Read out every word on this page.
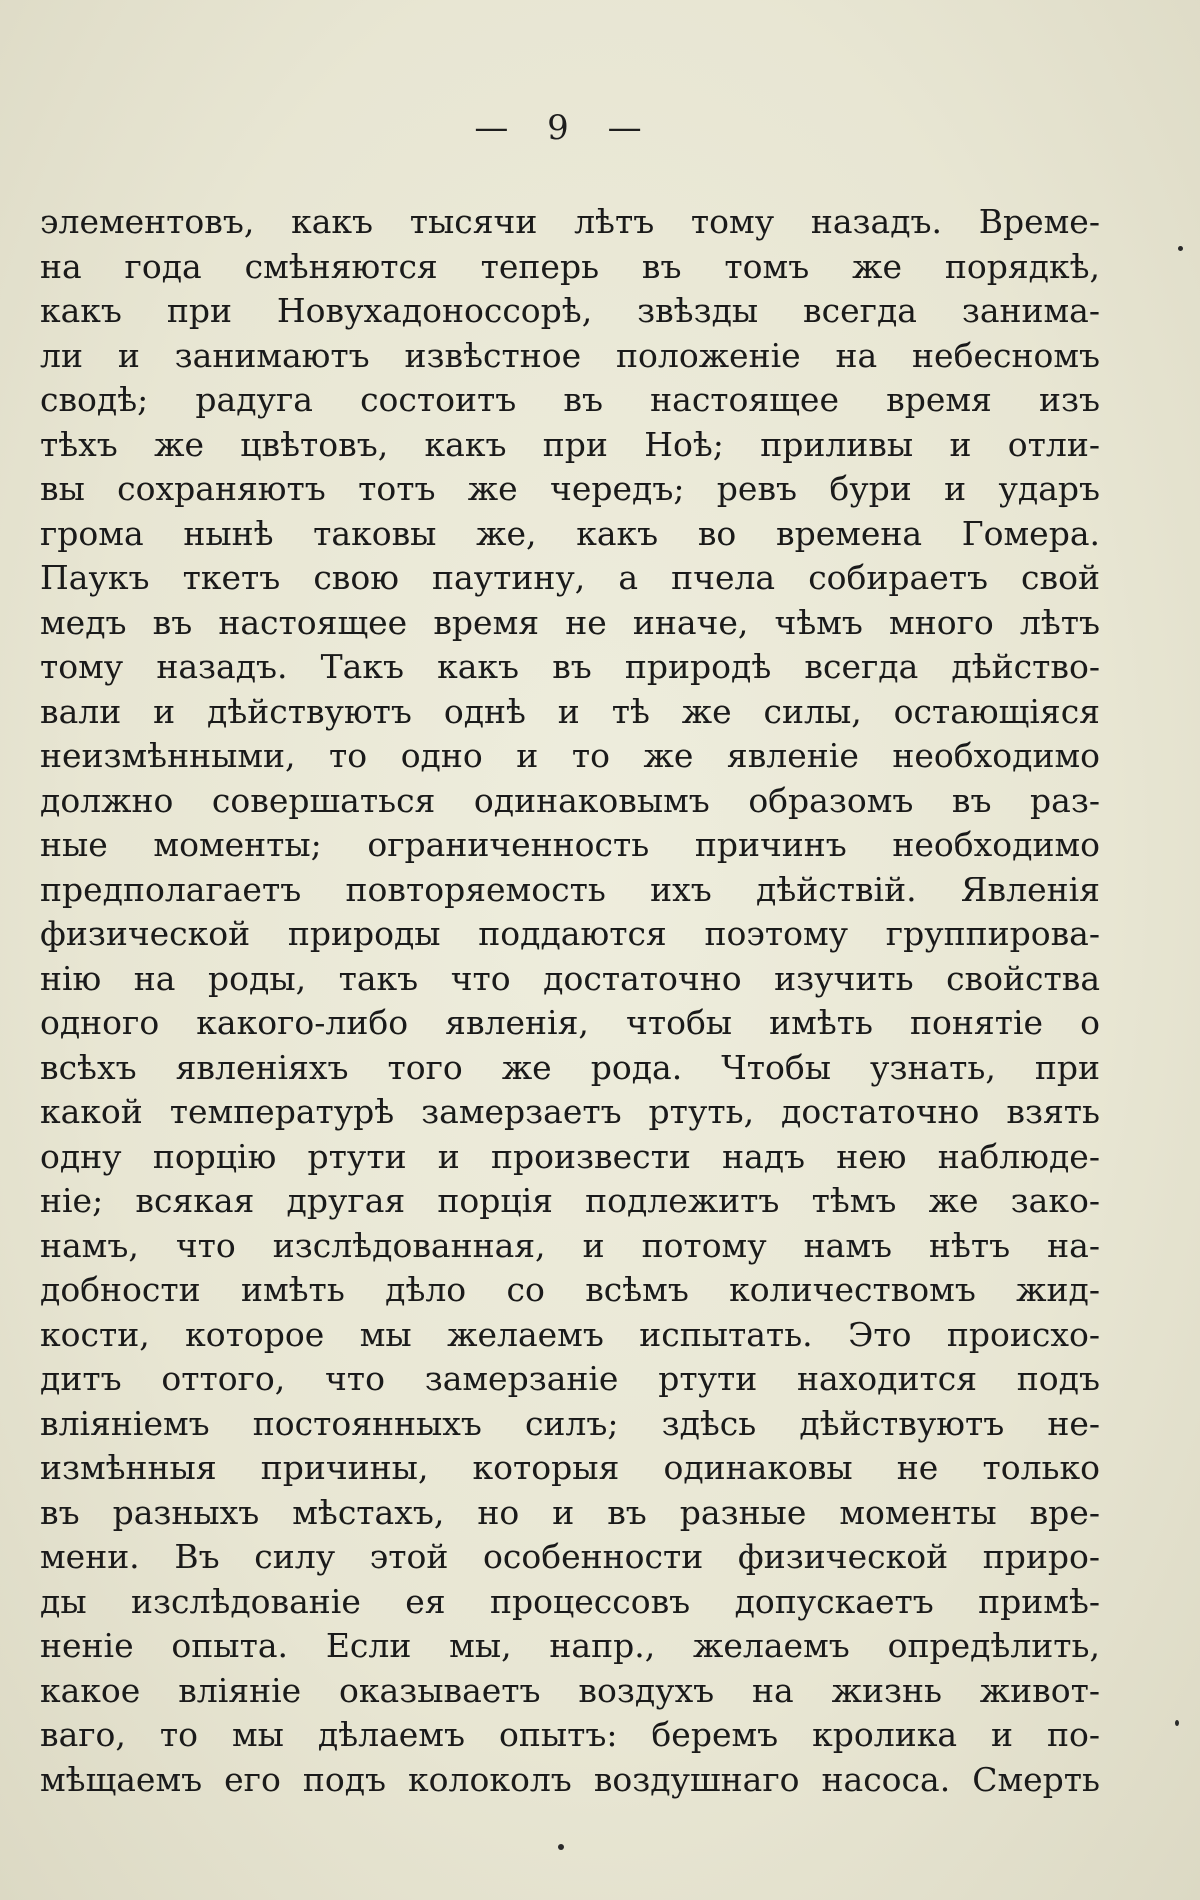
— 9 —
элементовъ, какъ тысячи лѣтъ тому назадъ. Време-
на года смѣняются теперь въ томъ же порядкѣ,
какъ при Новухадоноссорѣ, звѣзды всегда занима-
ли и занимаютъ извѣстное положеніе на небесномъ
сводѣ; радуга состоитъ въ настоящее время изъ
тѣхъ же цвѣтовъ, какъ при Ноѣ; приливы и отли-
вы сохраняютъ тотъ же чередъ; ревъ бури и ударъ
грома нынѣ таковы же, какъ во времена Гомера.
Паукъ ткетъ свою паутину, а пчела собираетъ свой
медъ въ настоящее время не иначе, чѣмъ много лѣтъ
тому назадъ. Такъ какъ въ природѣ всегда дѣйство-
вали и дѣйствуютъ однѣ и тѣ же силы, остающіяся
неизмѣнными, то одно и то же явленіе необходимо
должно совершаться одинаковымъ образомъ въ раз-
ные моменты; ограниченность причинъ необходимо
предполагаетъ повторяемость ихъ дѣйствій. Явленія
физической природы поддаются поэтому группирова-
нію на роды, такъ что достаточно изучить свойства
одного какого-либо явленія, чтобы имѣть понятіе о
всѣхъ явленіяхъ того же рода. Чтобы узнать, при
какой температурѣ замерзаетъ ртуть, достаточно взять
одну порцію ртути и произвести надъ нею наблюде-
ніе; всякая другая порція подлежитъ тѣмъ же зако-
намъ, что изслѣдованная, и потому намъ нѣтъ на-
добности имѣть дѣло со всѣмъ количествомъ жид-
кости, которое мы желаемъ испытать. Это происхо-
дитъ оттого, что замерзаніе ртути находится подъ
вліяніемъ постоянныхъ силъ; здѣсь дѣйствуютъ не-
измѣнныя причины, которыя одинаковы не только
въ разныхъ мѣстахъ, но и въ разные моменты вре-
мени. Въ силу этой особенности физической приро-
ды изслѣдованіе ея процессовъ допускаетъ примѣ-
неніе опыта. Если мы, напр., желаемъ опредѣлить,
какое вліяніе оказываетъ воздухъ на жизнь живот-
ваго, то мы дѣлаемъ опытъ: беремъ кролика и по-
мѣщаемъ его подъ колоколъ воздушнаго насоса. Смерть
